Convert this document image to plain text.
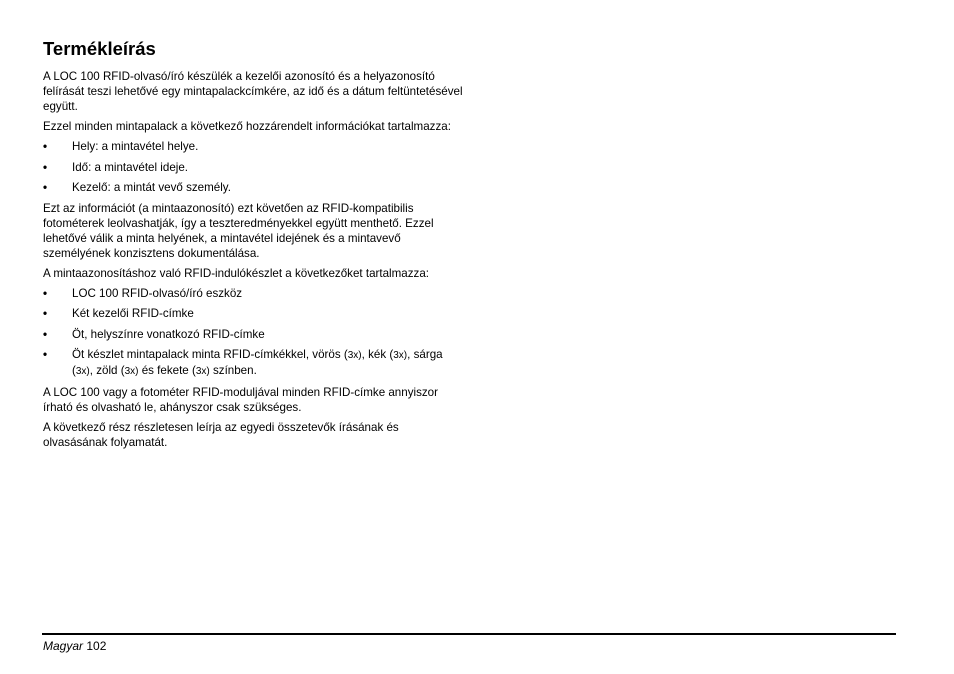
Termékleírás

A LOC 100 RFID-olvasó/író készülék a kezelői azonosító és a helyazonosító felírását teszi lehetővé egy mintapalackcímkére, az idő és a dátum feltüntetésével együtt.

Ezzel minden mintapalack a következő hozzárendelt információkat tartalmazza:

• Hely: a mintavétel helye.
• Idő: a mintavétel ideje.
• Kezelő: a mintát vevő személy.

Ezt az információt (a mintaazonosító) ezt követően az RFID-kompatibilis fotométerek leolvashatják, így a teszteredményekkel együtt menthető. Ezzel lehetővé válik a minta helyének, a mintavétel idejének és a mintavevő személyének konzisztens dokumentálása.

A mintaazonosításhoz való RFID-indulókészlet a következőket tartalmazza:

• LOC 100 RFID-olvasó/író eszköz
• Két kezelői RFID-címke
• Öt, helyszínre vonatkozó RFID-címke
• Öt készlet mintapalack minta RFID-címkékkel, vörös (3x), kék (3x), sárga (3x), zöld (3x) és fekete (3x) színben.

A LOC 100 vagy a fotométer RFID-moduljával minden RFID-címke annyiszor írható és olvasható le, ahányszor csak szükséges.

A következő rész részletesen leírja az egyedi összetevők írásának és olvasásának folyamatát.

Magyar 102
